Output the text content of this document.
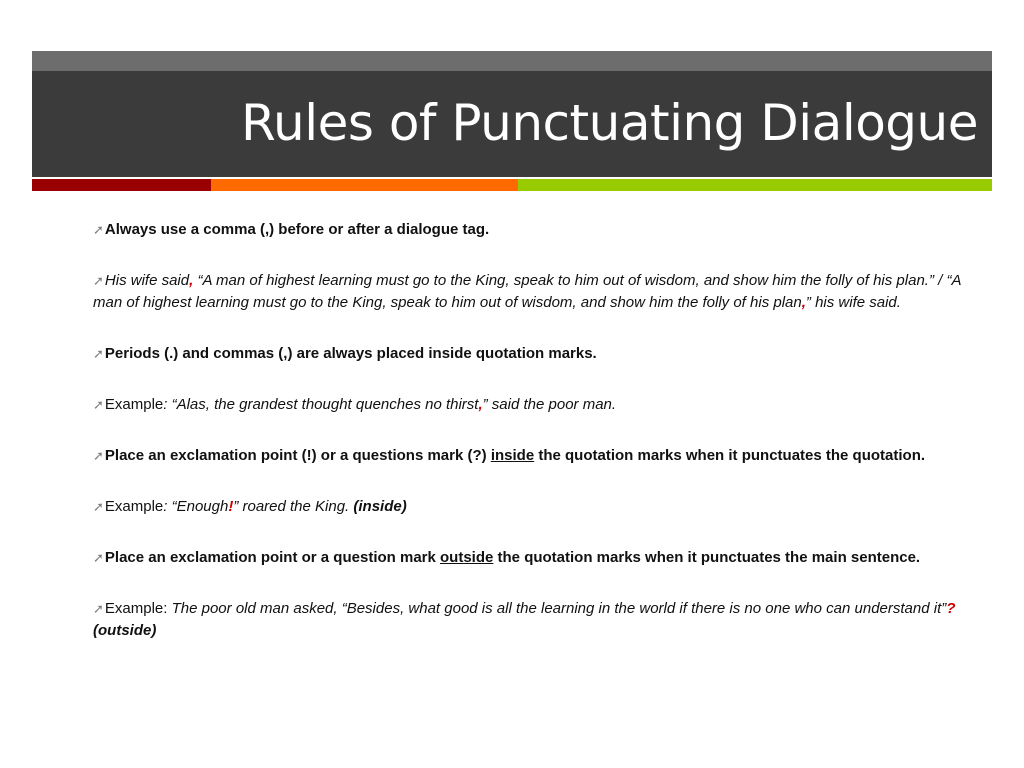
Rules of Punctuating Dialogue

➚Always use a comma (,) before or after a dialogue tag.

➚His wife said, “A man of highest learning must go to the King, speak to him out of wisdom, and show him the folly of his plan.” / “A man of highest learning must go to the King, speak to him out of wisdom, and show him the folly of his plan,” his wife said.

➚Periods (.) and commas (,) are always placed inside quotation marks.

➚Example: “Alas, the grandest thought quenches no thirst,” said the poor man.

➚Place an exclamation point (!) or a questions mark (?) inside the quotation marks when it punctuates the quotation.

➚Example: “Enough!” roared the King. (inside)

➚Place an exclamation point or a question mark outside the quotation marks when it punctuates the main sentence.

➚Example: The poor old man asked, “Besides, what good is all the learning in the world if there is no one who can understand it”? (outside)
